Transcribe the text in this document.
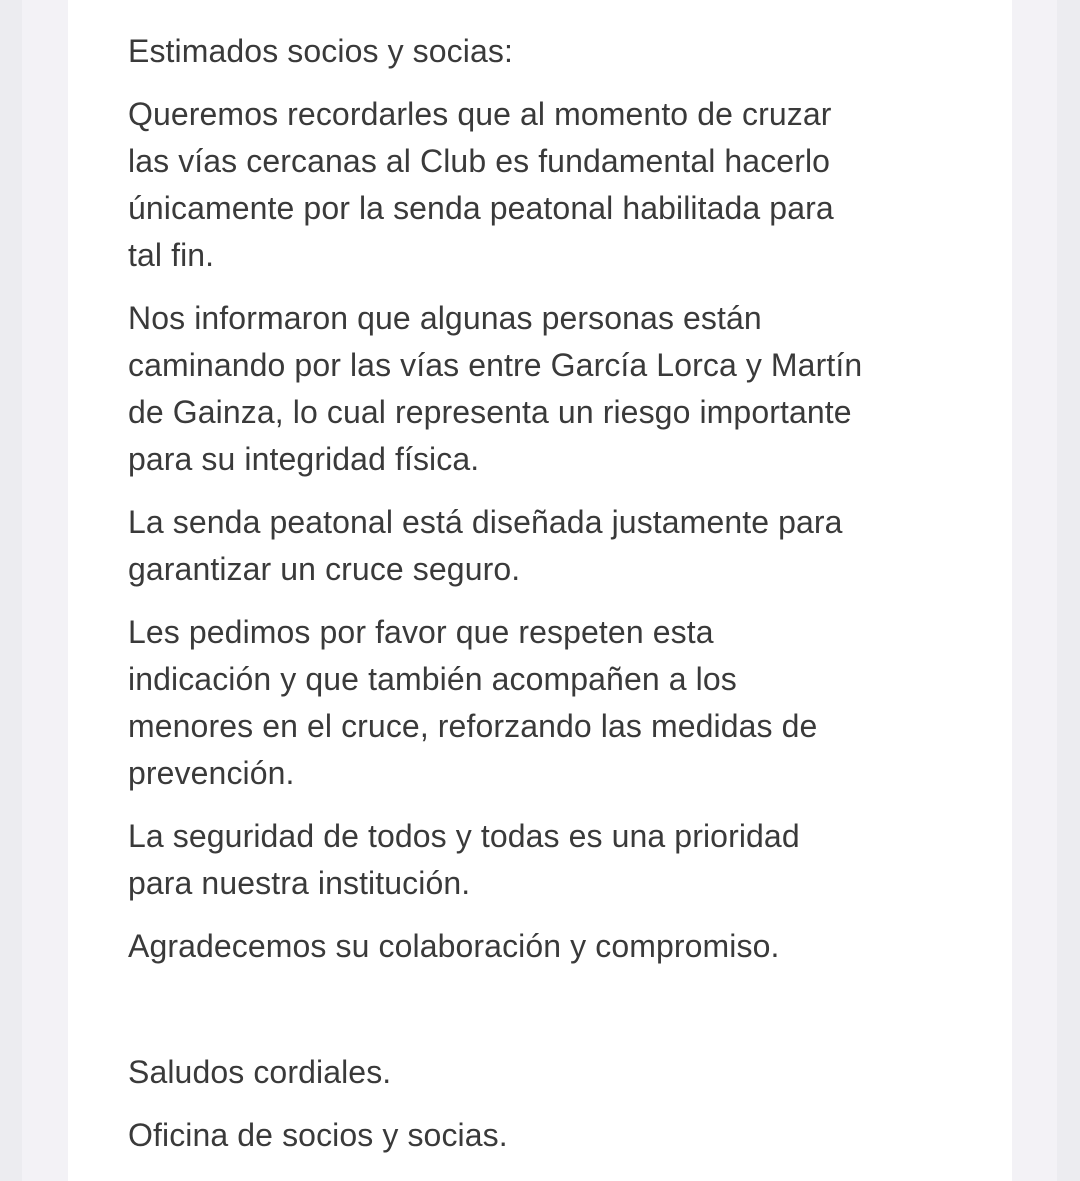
Estimados socios y socias:

Queremos recordarles que al momento de cruzar
las vías cercanas al Club es fundamental hacerlo
únicamente por la senda peatonal habilitada para
tal fin.

Nos informaron que algunas personas están
caminando por las vías entre García Lorca y Martín
de Gainza, lo cual representa un riesgo importante
para su integridad física.

La senda peatonal está diseñada justamente para
garantizar un cruce seguro.

Les pedimos por favor que respeten esta
indicación y que también acompañen a los
menores en el cruce, reforzando las medidas de
prevención.

La seguridad de todos y todas es una prioridad
para nuestra institución.

Agradecemos su colaboración y compromiso.

Saludos cordiales.

Oficina de socios y socias.
